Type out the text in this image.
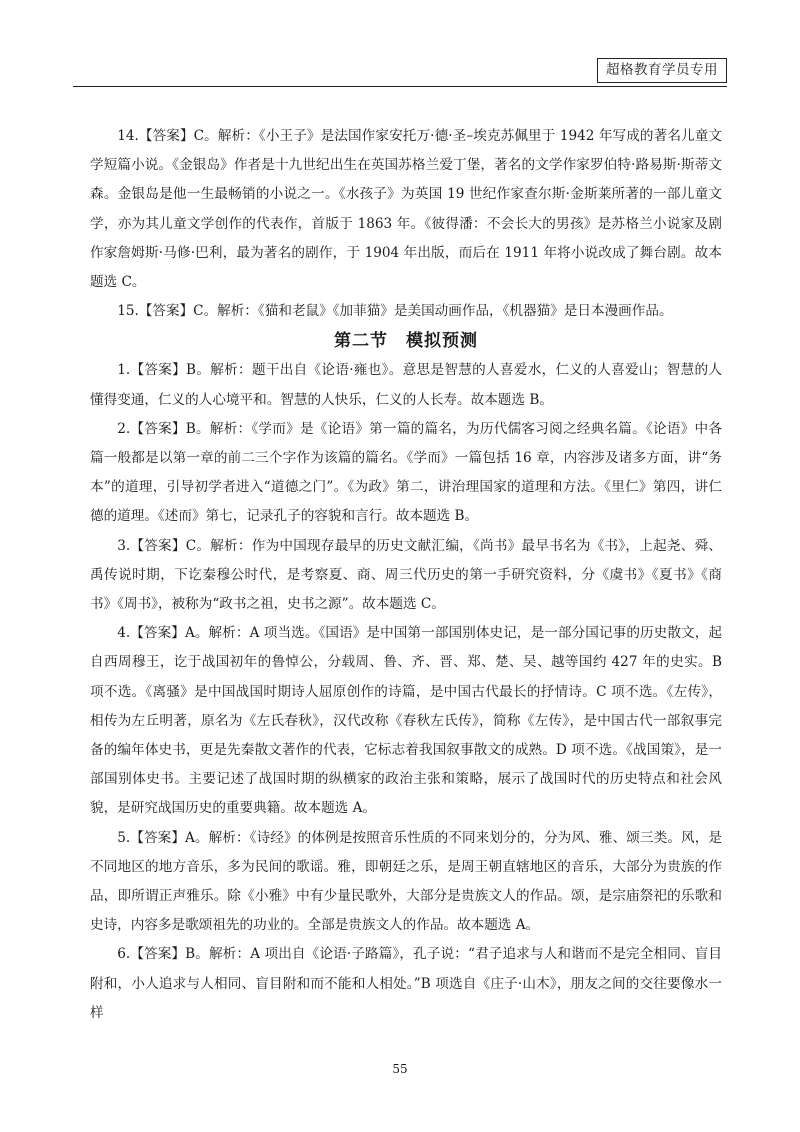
超格教育学员专用

14.【答案】C。解析：《小王子》是法国作家安托万·德·圣–埃克苏佩里于 1942 年写成的著名儿童文学短篇小说。《金银岛》作者是十九世纪出生在英国苏格兰爱丁堡，著名的文学作家罗伯特·路易斯·斯蒂文森。金银岛是他一生最畅销的小说之一。《水孩子》为英国 19 世纪作家查尔斯·金斯莱所著的一部儿童文学，亦为其儿童文学创作的代表作，首版于 1863 年。《彼得潘：不会长大的男孩》是苏格兰小说家及剧作家詹姆斯·马修·巴利，最为著名的剧作，于 1904 年出版，而后在 1911 年将小说改成了舞台剧。故本题选 C。

15.【答案】C。解析：《猫和老鼠》《加菲猫》是美国动画作品，《机器猫》是日本漫画作品。

第二节　模拟预测

1.【答案】B。解析：题干出自《论语·雍也》。意思是智慧的人喜爱水，仁义的人喜爱山；智慧的人懂得变通，仁义的人心境平和。智慧的人快乐，仁义的人长寿。故本题选 B。

2.【答案】B。解析：《学而》是《论语》第一篇的篇名，为历代儒客习阅之经典名篇。《论语》中各篇一般都是以第一章的前二三个字作为该篇的篇名。《学而》一篇包括 16 章，内容涉及诸多方面，讲“务本”的道理，引导初学者进入“道德之门”。《为政》第二，讲治理国家的道理和方法。《里仁》第四，讲仁德的道理。《述而》第七，记录孔子的容貌和言行。故本题选 B。

3.【答案】C。解析：作为中国现存最早的历史文献汇编，《尚书》最早书名为《书》，上起尧、舜、禹传说时期，下讫秦穆公时代，是考察夏、商、周三代历史的第一手研究资料，分《虞书》《夏书》《商书》《周书》，被称为“政书之祖，史书之源”。故本题选 C。

4.【答案】A。解析：A 项当选。《国语》是中国第一部国别体史记，是一部分国记事的历史散文，起自西周穆王，讫于战国初年的鲁悼公，分载周、鲁、齐、晋、郑、楚、吴、越等国约 427 年的史实。B 项不选。《离骚》是中国战国时期诗人屈原创作的诗篇，是中国古代最长的抒情诗。C 项不选。《左传》，相传为左丘明著，原名为《左氏春秋》，汉代改称《春秋左氏传》，简称《左传》，是中国古代一部叙事完备的编年体史书，更是先秦散文著作的代表，它标志着我国叙事散文的成熟。D 项不选。《战国策》，是一部国别体史书。主要记述了战国时期的纵横家的政治主张和策略，展示了战国时代的历史特点和社会风貌，是研究战国历史的重要典籍。故本题选 A。

5.【答案】A。解析：《诗经》的体例是按照音乐性质的不同来划分的，分为风、雅、颂三类。风，是不同地区的地方音乐，多为民间的歌谣。雅，即朝廷之乐，是周王朝直辖地区的音乐，大部分为贵族的作品，即所谓正声雅乐。除《小雅》中有少量民歌外，大部分是贵族文人的作品。颂，是宗庙祭祀的乐歌和史诗，内容多是歌颂祖先的功业的。全部是贵族文人的作品。故本题选 A。

6.【答案】B。解析：A 项出自《论语·子路篇》，孔子说：“君子追求与人和谐而不是完全相同、盲目附和，小人追求与人相同、盲目附和而不能和人相处。”B 项选自《庄子·山木》，朋友之间的交往要像水一样

55
